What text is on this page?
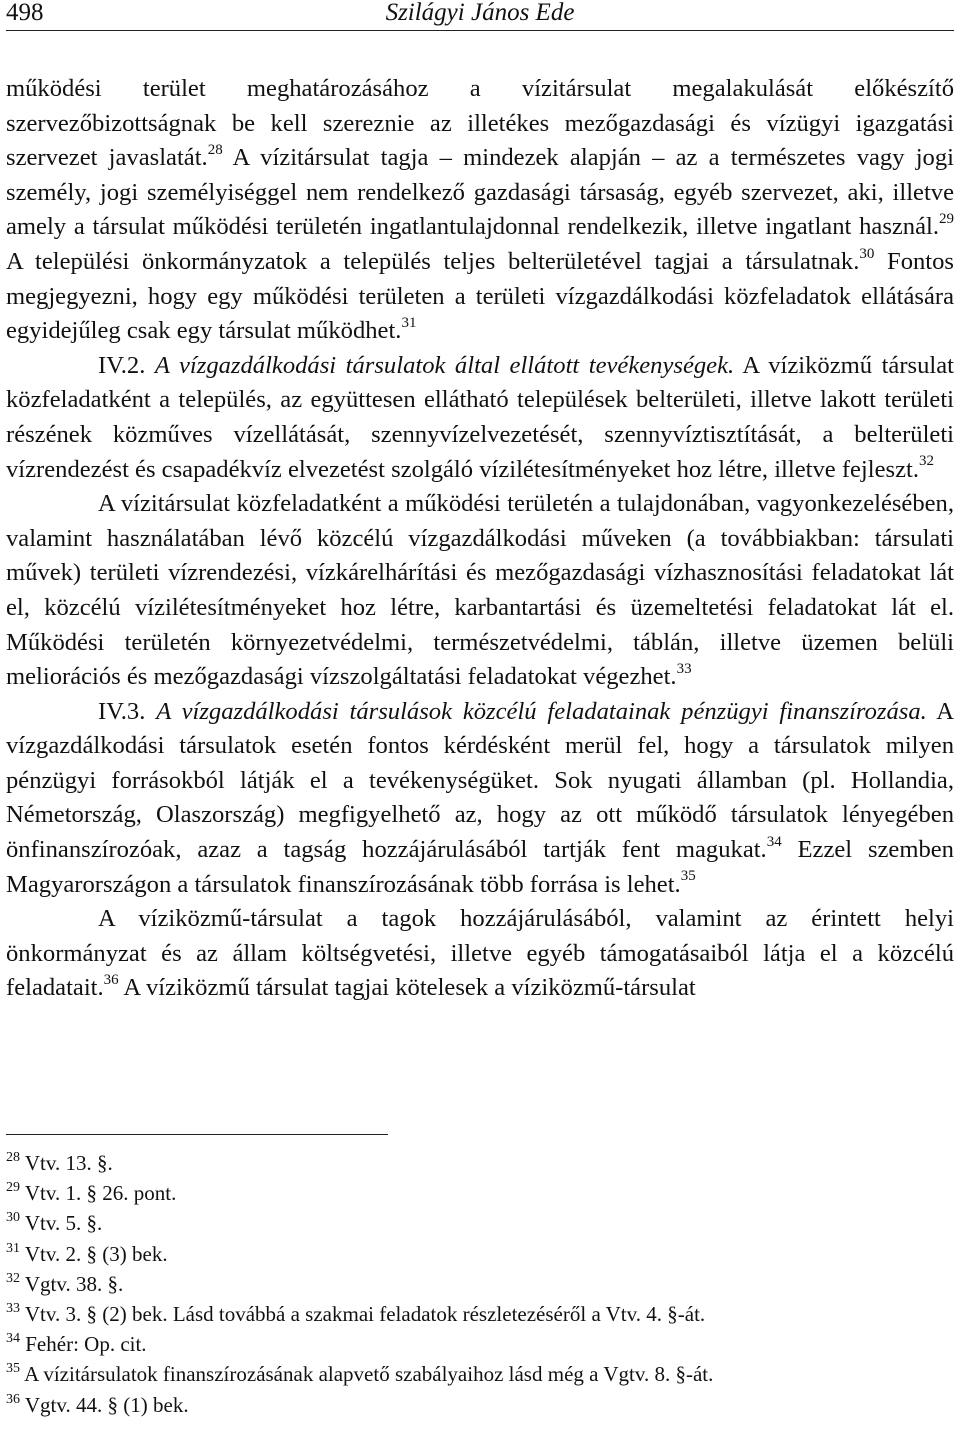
498	Szilágyi János Ede

működési terület meghatározásához a vízitársulat megalakulását előkészítő szervezőbizottságnak be kell szereznie az illetékes mezőgazdasági és vízügyi igazgatási szervezet javaslatát.$^{28}$ A vízitársulat tagja – mindezek alapján – az a természetes vagy jogi személy, jogi személyiséggel nem rendelkező gazdasági társaság, egyéb szervezet, aki, illetve amely a társulat működési területén ingatlantulajdonnal rendelkezik, illetve ingatlant használ.$^{29}$ A települési önkormányzatok a település teljes belterületével tagjai a társulatnak.$^{30}$ Fontos megjegyezni, hogy egy működési területen a területi vízgazdálkodási közfeladatok ellátására egyidejűleg csak egy társulat működhet.$^{31}$

IV.2. A vízgazdálkodási társulatok által ellátott tevékenységek. A víziközmű társulat közfeladatként a település, az együttesen ellátható települések belterületi, illetve lakott területi részének közműves vízellátását, szennyvízelvezetését, szennyvíztisztítását, a belterületi vízrendezést és csapadékvíz elvezetést szolgáló vízilétesítményeket hoz létre, illetve fejleszt.$^{32}$

A vízitársulat közfeladatként a működési területén a tulajdonában, vagyonkezelésében, valamint használatában lévő közcélú vízgazdálkodási műveken (a továbbiakban: társulati művek) területi vízrendezési, vízkárelhárítási és mezőgazdasági vízhasznosítási feladatokat lát el, közcélú vízilétesítményeket hoz létre, karbantartási és üzemeltetési feladatokat lát el. Működési területén környezetvédelmi, természetvédelmi, táblán, illetve üzemen belüli meliorációs és mezőgazdasági vízszolgáltatási feladatokat végezhet.$^{33}$

IV.3. A vízgazdálkodási társulások közcélú feladatainak pénzügyi finanszírozása. A vízgazdálkodási társulatok esetén fontos kérdésként merül fel, hogy a társulatok milyen pénzügyi forrásokból látják el a tevékenységüket. Sok nyugati államban (pl. Hollandia, Németország, Olaszország) megfigyelhető az, hogy az ott működő társulatok lényegében önfinanszírozóak, azaz a tagság hozzájárulásából tartják fent magukat.$^{34}$ Ezzel szemben Magyarországon a társulatok finanszírozásának több forrása is lehet.$^{35}$

A víziközmű-társulat a tagok hozzájárulásából, valamint az érintett helyi önkormányzat és az állam költségvetési, illetve egyéb támogatásaiból látja el a közcélú feladatait.$^{36}$ A víziközmű társulat tagjai kötelesek a víziközmű-társulat

$^{28}$ Vtv. 13. §.
$^{29}$ Vtv. 1. § 26. pont.
$^{30}$ Vtv. 5. §.
$^{31}$ Vtv. 2. § (3) bek.
$^{32}$ Vgtv. 38. §.
$^{33}$ Vtv. 3. § (2) bek. Lásd továbbá a szakmai feladatok részletezéséről a Vtv. 4. §-át.
$^{34}$ Fehér: Op. cit.
$^{35}$ A vízitársulatok finanszírozásának alapvető szabályaihoz lásd még a Vgtv. 8. §-át.
$^{36}$ Vgtv. 44. § (1) bek.
